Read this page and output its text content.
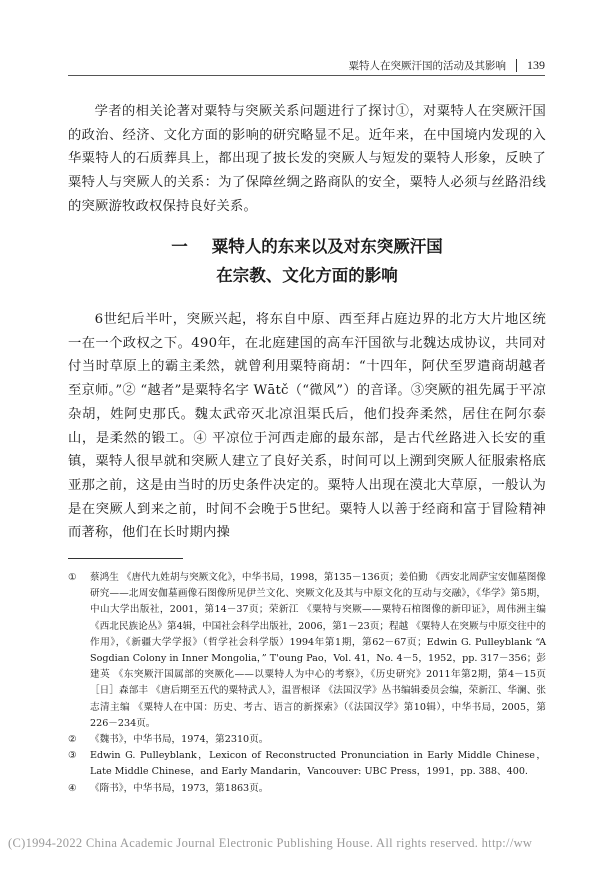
粟特人在突厥汗国的活动及其影响 139

学者的相关论著对粟特与突厥关系问题进行了探讨①，对粟特人在突厥汗国的政治、经济、文化方面的影响的研究略显不足。近年来，在中国境内发现的入华粟特人的石质葬具上，都出现了披长发的突厥人与短发的粟特人形象，反映了粟特人与突厥人的关系：为了保障丝绸之路商队的安全，粟特人必须与丝路沿线的突厥游牧政权保持良好关系。

一 粟特人的东来以及对东突厥汗国
在宗教、文化方面的影响

6世纪后半叶，突厥兴起，将东自中原、西至拜占庭边界的北方大片地区统一在一个政权之下。490年，在北庭建国的高车汗国欲与北魏达成协议，共同对付当时草原上的霸主柔然，就曾利用粟特商胡：“十四年，阿伏至罗遣商胡越者至京师。”② “越者”是粟特名字 Wātč（“微风”）的音译。③突厥的祖先属于平凉杂胡，姓阿史那氏。魏太武帝灭北凉沮渠氏后，他们投奔柔然，居住在阿尔泰山，是柔然的锻工。④ 平凉位于河西走廊的最东部，是古代丝路进入长安的重镇，粟特人很早就和突厥人建立了良好关系，时间可以上溯到突厥人征服索格底亚那之前，这是由当时的历史条件决定的。粟特人出现在漠北大草原，一般认为是在突厥人到来之前，时间不会晚于5世纪。粟特人以善于经商和富于冒险精神而著称，他们在长时期内操

①	蔡鸿生 《唐代九姓胡与突厥文化》，中华书局，1998，第135－136页；姜伯勤 《西安北周萨宝安伽墓图像研究——北周安伽墓画像石图像所见伊兰文化、突厥文化及其与中原文化的互动与交融》，《华学》第5期，中山大学出版社，2001，第14－37页；荣新江 《粟特与突厥——粟特石棺图像的新印证》，周伟洲主编 《西北民族论丛》第4辑，中国社会科学出版社，2006，第1－23页；程越 《粟特人在突厥与中原交往中的作用》，《新疆大学学报》（哲学社会科学版）1994年第1期，第62－67页；Edwin G. Pulleyblank “A Sogdian Colony in Inner Mongolia，” T'oung Pao，Vol. 41，No. 4－5，1952，pp. 317－356；彭建英 《东突厥汗国属部的突厥化——以粟特人为中心的考察》，《历史研究》2011年第2期，第4－15页 ［日］森部丰 《唐后期至五代的粟特武人》，温晋根译 《法国汉学》丛书编辑委员会编，荣新江、华澜、张志清主编 《粟特人在中国：历史、考古、语言的新探索》（《法国汉学》第10辑），中华书局，2005，第226－234页。
②	《魏书》，中华书局，1974，第2310页。
③	Edwin G. Pulleyblank，Lexicon of Reconstructed Pronunciation in Early Middle Chinese，Late Middle Chinese，and Early Mandarin，Vancouver: UBC Press，1991，pp. 388、400.
④	《隋书》，中华书局，1973，第1863页。
(C)1994-2022 China Academic Journal Electronic Publishing House. All rights reserved. http://ww
